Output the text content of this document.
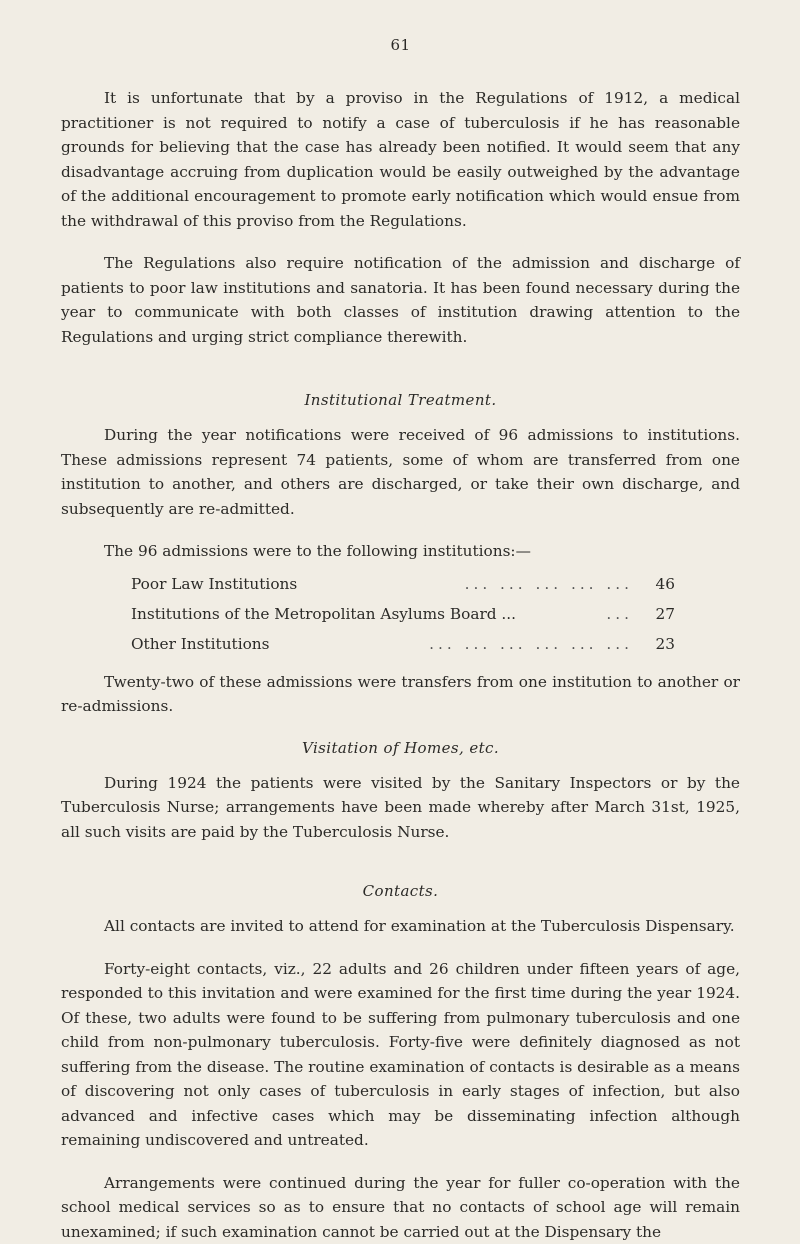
61

It is unfortunate that by a proviso in the Regulations of 1912, a medical practitioner is not required to notify a case of tuberculosis if he has reasonable grounds for believing that the case has already been notified. It would seem that any disadvantage accruing from duplication would be easily outweighed by the advantage of the additional encouragement to promote early notification which would ensue from the withdrawal of this proviso from the Regulations.

The Regulations also require notification of the admission and discharge of patients to poor law institutions and sanatoria. It has been found necessary during the year to communicate with both classes of institution drawing attention to the Regulations and urging strict compliance therewith.

Institutional Treatment.

During the year notifications were received of 96 admissions to institutions. These admissions represent 74 patients, some of whom are transferred from one institution to another, and others are discharged, or take their own discharge, and subsequently are re-admitted.

The 96 admissions were to the following institutions:—

Poor Law Institutions	... ... ... ... ...	46
Institutions of the Metropolitan Asylums Board ...	...	27
Other Institutions	... ... ... ... ... ...	23

Twenty-two of these admissions were transfers from one institution to another or re-admissions.

Visitation of Homes, etc.

During 1924 the patients were visited by the Sanitary Inspectors or by the Tuberculosis Nurse; arrangements have been made whereby after March 31st, 1925, all such visits are paid by the Tuberculosis Nurse.

Contacts.

All contacts are invited to attend for examination at the Tuberculosis Dispensary.

Forty-eight contacts, viz., 22 adults and 26 children under fifteen years of age, responded to this invitation and were examined for the first time during the year 1924. Of these, two adults were found to be suffering from pulmonary tuberculosis and one child from non-pulmonary tuberculosis. Forty-five were definitely diagnosed as not suffering from the disease. The routine examination of contacts is desirable as a means of discovering not only cases of tuberculosis in early stages of infection, but also advanced and infective cases which may be disseminating infection although remaining undiscovered and untreated.

Arrangements were continued during the year for fuller co-operation with the school medical services so as to ensure that no contacts of school age will remain unexamined; if such examination cannot be carried out at the Dispensary the
